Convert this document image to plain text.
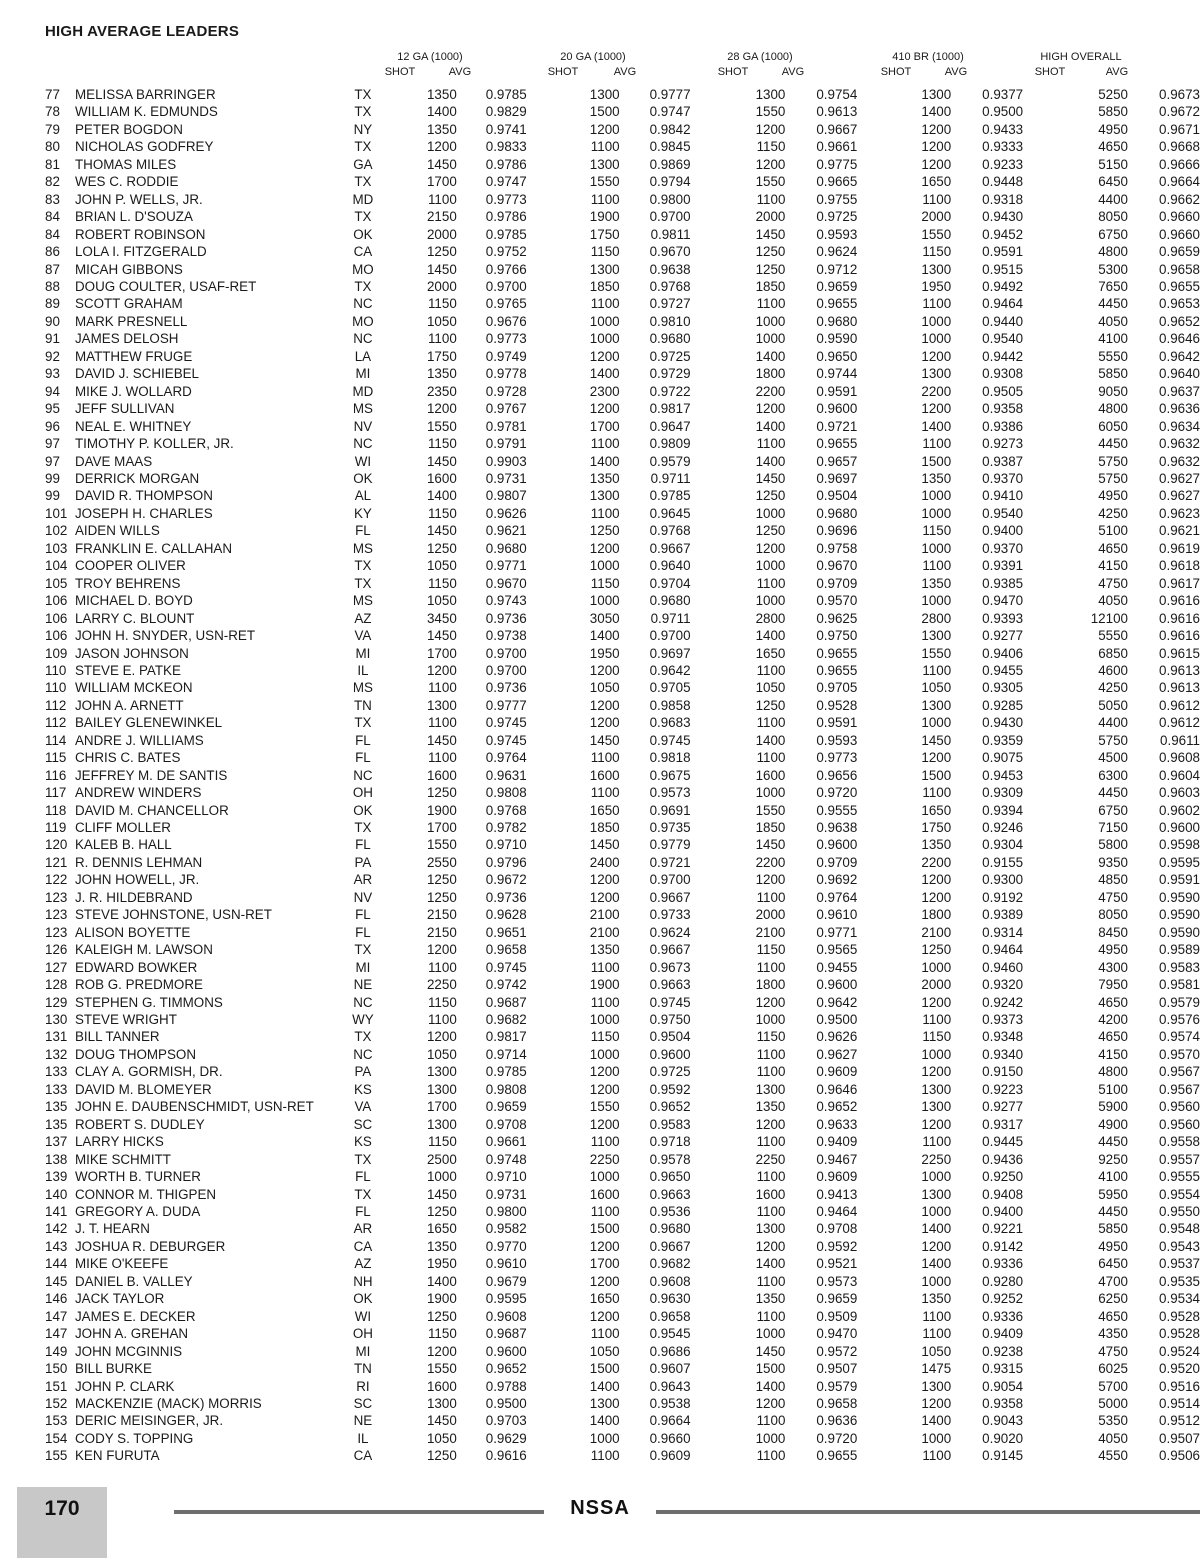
HIGH AVERAGE LEADERS
12 GA (1000)	20 GA (1000)	28 GA (1000)	410 BR (1000)	HIGH OVERALL
SHOT	AVG	SHOT	AVG	SHOT	AVG	SHOT	AVG	SHOT	AVG
77	MELISSA BARRINGER	TX	1350	0.9785	1300	0.9777	1300	0.9754	1300	0.9377	5250	0.9673
78	WILLIAM K. EDMUNDS	TX	1400	0.9829	1500	0.9747	1550	0.9613	1400	0.9500	5850	0.9672
79	PETER BOGDON	NY	1350	0.9741	1200	0.9842	1200	0.9667	1200	0.9433	4950	0.9671
80	NICHOLAS GODFREY	TX	1200	0.9833	1100	0.9845	1150	0.9661	1200	0.9333	4650	0.9668
81	THOMAS MILES	GA	1450	0.9786	1300	0.9869	1200	0.9775	1200	0.9233	5150	0.9666
82	WES C. RODDIE	TX	1700	0.9747	1550	0.9794	1550	0.9665	1650	0.9448	6450	0.9664
83	JOHN P. WELLS, JR.	MD	1100	0.9773	1100	0.9800	1100	0.9755	1100	0.9318	4400	0.9662
84	BRIAN L. D'SOUZA	TX	2150	0.9786	1900	0.9700	2000	0.9725	2000	0.9430	8050	0.9660
84	ROBERT ROBINSON	OK	2000	0.9785	1750	0.9811	1450	0.9593	1550	0.9452	6750	0.9660
86	LOLA I. FITZGERALD	CA	1250	0.9752	1150	0.9670	1250	0.9624	1150	0.9591	4800	0.9659
87	MICAH GIBBONS	MO	1450	0.9766	1300	0.9638	1250	0.9712	1300	0.9515	5300	0.9658
88	DOUG COULTER, USAF-RET	TX	2000	0.9700	1850	0.9768	1850	0.9659	1950	0.9492	7650	0.9655
89	SCOTT GRAHAM	NC	1150	0.9765	1100	0.9727	1100	0.9655	1100	0.9464	4450	0.9653
90	MARK PRESNELL	MO	1050	0.9676	1000	0.9810	1000	0.9680	1000	0.9440	4050	0.9652
91	JAMES DELOSH	NC	1100	0.9773	1000	0.9680	1000	0.9590	1000	0.9540	4100	0.9646
92	MATTHEW FRUGE	LA	1750	0.9749	1200	0.9725	1400	0.9650	1200	0.9442	5550	0.9642
93	DAVID J. SCHIEBEL	MI	1350	0.9778	1400	0.9729	1800	0.9744	1300	0.9308	5850	0.9640
94	MIKE J. WOLLARD	MD	2350	0.9728	2300	0.9722	2200	0.9591	2200	0.9505	9050	0.9637
95	JEFF SULLIVAN	MS	1200	0.9767	1200	0.9817	1200	0.9600	1200	0.9358	4800	0.9636
96	NEAL E. WHITNEY	NV	1550	0.9781	1700	0.9647	1400	0.9721	1400	0.9386	6050	0.9634
97	TIMOTHY P. KOLLER, JR.	NC	1150	0.9791	1100	0.9809	1100	0.9655	1100	0.9273	4450	0.9632
97	DAVE MAAS	WI	1450	0.9903	1400	0.9579	1400	0.9657	1500	0.9387	5750	0.9632
99	DERRICK MORGAN	OK	1600	0.9731	1350	0.9711	1450	0.9697	1350	0.9370	5750	0.9627
99	DAVID R. THOMPSON	AL	1400	0.9807	1300	0.9785	1250	0.9504	1000	0.9410	4950	0.9627
101	JOSEPH H. CHARLES	KY	1150	0.9626	1100	0.9645	1000	0.9680	1000	0.9540	4250	0.9623
102	AIDEN WILLS	FL	1450	0.9621	1250	0.9768	1250	0.9696	1150	0.9400	5100	0.9621
103	FRANKLIN E. CALLAHAN	MS	1250	0.9680	1200	0.9667	1200	0.9758	1000	0.9370	4650	0.9619
104	COOPER OLIVER	TX	1050	0.9771	1000	0.9640	1000	0.9670	1100	0.9391	4150	0.9618
105	TROY BEHRENS	TX	1150	0.9670	1150	0.9704	1100	0.9709	1350	0.9385	4750	0.9617
106	MICHAEL D. BOYD	MS	1050	0.9743	1000	0.9680	1000	0.9570	1000	0.9470	4050	0.9616
106	LARRY C. BLOUNT	AZ	3450	0.9736	3050	0.9711	2800	0.9625	2800	0.9393	12100	0.9616
106	JOHN H. SNYDER, USN-RET	VA	1450	0.9738	1400	0.9700	1400	0.9750	1300	0.9277	5550	0.9616
109	JASON JOHNSON	MI	1700	0.9700	1950	0.9697	1650	0.9655	1550	0.9406	6850	0.9615
110	STEVE E. PATKE	IL	1200	0.9700	1200	0.9642	1100	0.9655	1100	0.9455	4600	0.9613
110	WILLIAM MCKEON	MS	1100	0.9736	1050	0.9705	1050	0.9705	1050	0.9305	4250	0.9613
112	JOHN A. ARNETT	TN	1300	0.9777	1200	0.9858	1250	0.9528	1300	0.9285	5050	0.9612
112	BAILEY GLENEWINKEL	TX	1100	0.9745	1200	0.9683	1100	0.9591	1000	0.9430	4400	0.9612
114	ANDRE J. WILLIAMS	FL	1450	0.9745	1450	0.9745	1400	0.9593	1450	0.9359	5750	0.9611
115	CHRIS C. BATES	FL	1100	0.9764	1100	0.9818	1100	0.9773	1200	0.9075	4500	0.9608
116	JEFFREY M. DE SANTIS	NC	1600	0.9631	1600	0.9675	1600	0.9656	1500	0.9453	6300	0.9604
117	ANDREW WINDERS	OH	1250	0.9808	1100	0.9573	1000	0.9720	1100	0.9309	4450	0.9603
118	DAVID M. CHANCELLOR	OK	1900	0.9768	1650	0.9691	1550	0.9555	1650	0.9394	6750	0.9602
119	CLIFF MOLLER	TX	1700	0.9782	1850	0.9735	1850	0.9638	1750	0.9246	7150	0.9600
120	KALEB B. HALL	FL	1550	0.9710	1450	0.9779	1450	0.9600	1350	0.9304	5800	0.9598
121	R. DENNIS LEHMAN	PA	2550	0.9796	2400	0.9721	2200	0.9709	2200	0.9155	9350	0.9595
122	JOHN HOWELL, JR.	AR	1250	0.9672	1200	0.9700	1200	0.9692	1200	0.9300	4850	0.9591
123	J. R. HILDEBRAND	NV	1250	0.9736	1200	0.9667	1100	0.9764	1200	0.9192	4750	0.9590
123	STEVE JOHNSTONE, USN-RET	FL	2150	0.9628	2100	0.9733	2000	0.9610	1800	0.9389	8050	0.9590
123	ALISON BOYETTE	FL	2150	0.9651	2100	0.9624	2100	0.9771	2100	0.9314	8450	0.9590
126	KALEIGH M. LAWSON	TX	1200	0.9658	1350	0.9667	1150	0.9565	1250	0.9464	4950	0.9589
127	EDWARD BOWKER	MI	1100	0.9745	1100	0.9673	1100	0.9455	1000	0.9460	4300	0.9583
128	ROB G. PREDMORE	NE	2250	0.9742	1900	0.9663	1800	0.9600	2000	0.9320	7950	0.9581
129	STEPHEN G. TIMMONS	NC	1150	0.9687	1100	0.9745	1200	0.9642	1200	0.9242	4650	0.9579
130	STEVE WRIGHT	WY	1100	0.9682	1000	0.9750	1000	0.9500	1100	0.9373	4200	0.9576
131	BILL TANNER	TX	1200	0.9817	1150	0.9504	1150	0.9626	1150	0.9348	4650	0.9574
132	DOUG THOMPSON	NC	1050	0.9714	1000	0.9600	1100	0.9627	1000	0.9340	4150	0.9570
133	CLAY A. GORMISH, DR.	PA	1300	0.9785	1200	0.9725	1100	0.9609	1200	0.9150	4800	0.9567
133	DAVID M. BLOMEYER	KS	1300	0.9808	1200	0.9592	1300	0.9646	1300	0.9223	5100	0.9567
135	JOHN E. DAUBENSCHMIDT, USN-RET	VA	1700	0.9659	1550	0.9652	1350	0.9652	1300	0.9277	5900	0.9560
135	ROBERT S. DUDLEY	SC	1300	0.9708	1200	0.9583	1200	0.9633	1200	0.9317	4900	0.9560
137	LARRY HICKS	KS	1150	0.9661	1100	0.9718	1100	0.9409	1100	0.9445	4450	0.9558
138	MIKE SCHMITT	TX	2500	0.9748	2250	0.9578	2250	0.9467	2250	0.9436	9250	0.9557
139	WORTH B. TURNER	FL	1000	0.9710	1000	0.9650	1100	0.9609	1000	0.9250	4100	0.9555
140	CONNOR M. THIGPEN	TX	1450	0.9731	1600	0.9663	1600	0.9413	1300	0.9408	5950	0.9554
141	GREGORY A. DUDA	FL	1250	0.9800	1100	0.9536	1100	0.9464	1000	0.9400	4450	0.9550
142	J. T. HEARN	AR	1650	0.9582	1500	0.9680	1300	0.9708	1400	0.9221	5850	0.9548
143	JOSHUA R. DEBURGER	CA	1350	0.9770	1200	0.9667	1200	0.9592	1200	0.9142	4950	0.9543
144	MIKE O'KEEFE	AZ	1950	0.9610	1700	0.9682	1400	0.9521	1400	0.9336	6450	0.9537
145	DANIEL B. VALLEY	NH	1400	0.9679	1200	0.9608	1100	0.9573	1000	0.9280	4700	0.9535
146	JACK TAYLOR	OK	1900	0.9595	1650	0.9630	1350	0.9659	1350	0.9252	6250	0.9534
147	JAMES E. DECKER	WI	1250	0.9608	1200	0.9658	1100	0.9509	1100	0.9336	4650	0.9528
147	JOHN A. GREHAN	OH	1150	0.9687	1100	0.9545	1000	0.9470	1100	0.9409	4350	0.9528
149	JOHN MCGINNIS	MI	1200	0.9600	1050	0.9686	1450	0.9572	1050	0.9238	4750	0.9524
150	BILL BURKE	TN	1550	0.9652	1500	0.9607	1500	0.9507	1475	0.9315	6025	0.9520
151	JOHN P. CLARK	RI	1600	0.9788	1400	0.9643	1400	0.9579	1300	0.9054	5700	0.9516
152	MACKENZIE (MACK) MORRIS	SC	1300	0.9500	1300	0.9538	1200	0.9658	1200	0.9358	5000	0.9514
153	DERIC MEISINGER, JR.	NE	1450	0.9703	1400	0.9664	1100	0.9636	1400	0.9043	5350	0.9512
154	CODY S. TOPPING	IL	1050	0.9629	1000	0.9660	1000	0.9720	1000	0.9020	4050	0.9507
155	KEN FURUTA	CA	1250	0.9616	1100	0.9609	1100	0.9655	1100	0.9145	4550	0.9506
170	NSSA
